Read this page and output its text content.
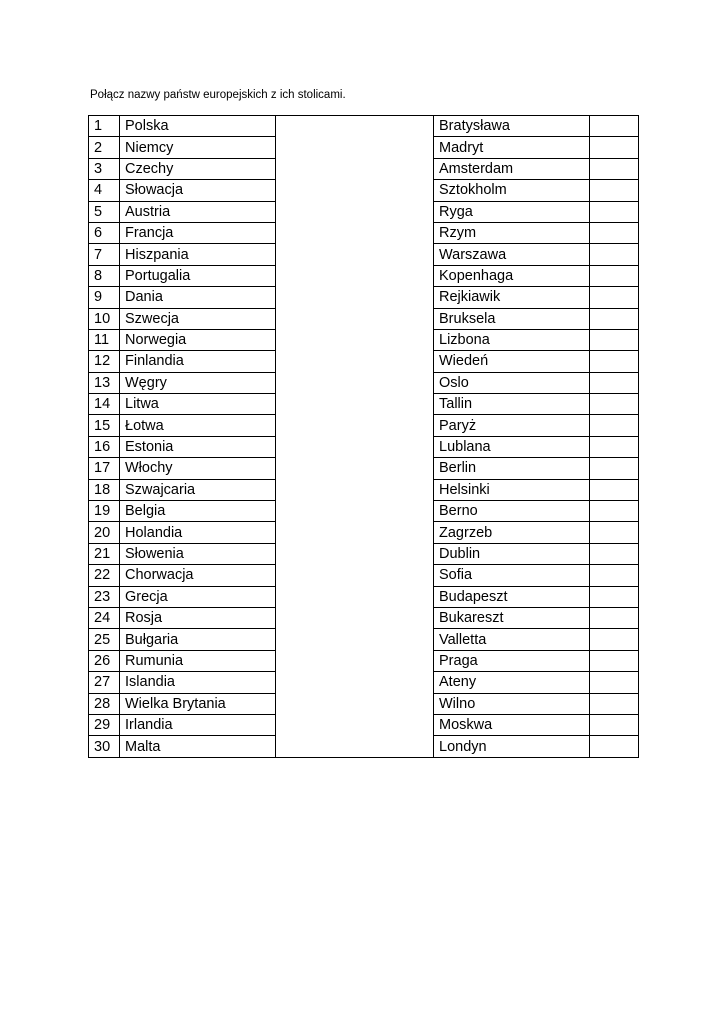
Połącz nazwy państw europejskich z ich stolicami.
1	Polska		Bratysława	
2	Niemcy		Madryt	
3	Czechy		Amsterdam	
4	Słowacja		Sztokholm	
5	Austria		Ryga	
6	Francja		Rzym	
7	Hiszpania		Warszawa	
8	Portugalia		Kopenhaga	
9	Dania		Rejkiawik	
10	Szwecja		Bruksela	
11	Norwegia		Lizbona	
12	Finlandia		Wiedeń	
13	Węgry		Oslo	
14	Litwa		Tallin	
15	Łotwa		Paryż	
16	Estonia		Lublana	
17	Włochy		Berlin	
18	Szwajcaria		Helsinki	
19	Belgia		Berno	
20	Holandia		Zagrzeb	
21	Słowenia		Dublin	
22	Chorwacja		Sofia	
23	Grecja		Budapeszt	
24	Rosja		Bukareszt	
25	Bułgaria		Valletta	
26	Rumunia		Praga	
27	Islandia		Ateny	
28	Wielka Brytania		Wilno	
29	Irlandia		Moskwa	
30	Malta		Londyn	
